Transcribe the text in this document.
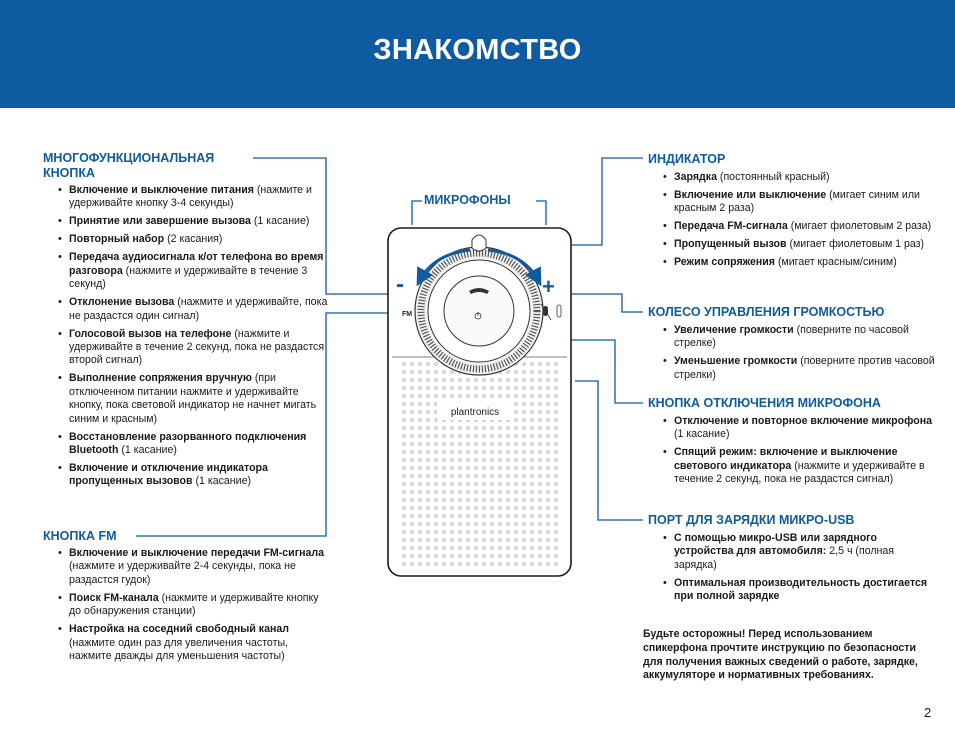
ЗНАКОМСТВО
-	+
FM
plantronics
МИКРОФОНЫ
МНОГОФУНКЦИОНАЛЬНАЯ
КНОПКА
• Включение и выключение питания (нажмите и удерживайте кнопку 3-4 секунды)
• Принятие или завершение вызова (1 касание)
• Повторный набор (2 касания)
• Передача аудиосигнала к/от телефона во время разговора (нажмите и удерживайте в течение 3 секунд)
• Отклонение вызова (нажмите и удерживайте, пока не раздастся один сигнал)
• Голосовой вызов на телефоне (нажмите и удерживайте в течение 2 секунд, пока не раздастся второй сигнал)
• Выполнение сопряжения вручную (при отключенном питании нажмите и удерживайте кнопку, пока световой индикатор не начнет мигать синим и красным)
• Восстановление разорванного подключения Bluetooth (1 касание)
• Включение и отключение индикатора пропущенных вызовов (1 касание)
КНОПКА FM
• Включение и выключение передачи FM-сигнала (нажмите и удерживайте 2-4 секунды, пока не раздастся гудок)
• Поиск FM-канала (нажмите и удерживайте кнопку до обнаружения станции)
• Настройка на соседний свободный канал (нажмите один раз для увеличения частоты, нажмите дважды для уменьшения частоты)
ИНДИКАТОР
• Зарядка (постоянный красный)
• Включение или выключение (мигает синим или красным 2 раза)
• Передача FM-сигнала (мигает фиолетовым 2 раза)
• Пропущенный вызов (мигает фиолетовым 1 раз)
• Режим сопряжения (мигает красным/синим)
КОЛЕСО УПРАВЛЕНИЯ ГРОМКОСТЬЮ
• Увеличение громкости (поверните по часовой стрелке)
• Уменьшение громкости (поверните против часовой стрелки)
КНОПКА ОТКЛЮЧЕНИЯ МИКРОФОНА
• Отключение и повторное включение микрофона (1 касание)
• Спящий режим: включение и выключение светового индикатора (нажмите и удерживайте в течение 2 секунд, пока не раздастся сигнал)
ПОРТ ДЛЯ ЗАРЯДКИ МИКРО-USB
• С помощью микро-USB или зарядного устройства для автомобиля: 2,5 ч (полная зарядка)
• Оптимальная производительность достигается при полной зарядке

Будьте осторожны! Перед использованием спикерфона прочтите инструкцию по безопасности для получения важных сведений о работе, зарядке, аккумуляторе и нормативных требованиях.

2
